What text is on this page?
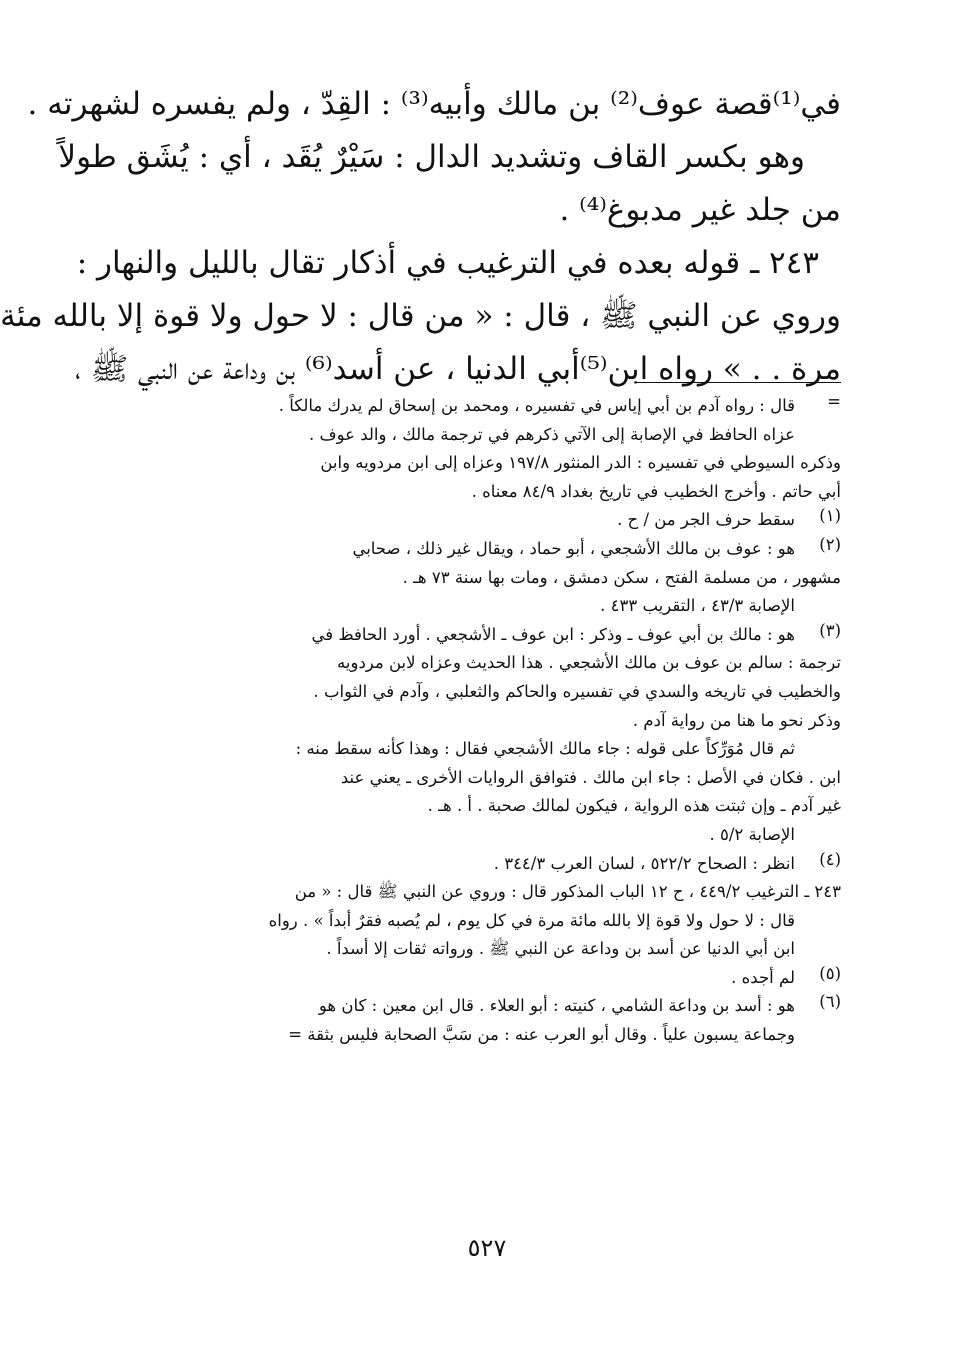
في⁽¹⁾قصة عوف⁽²⁾ بن مالك وأبيه⁽³⁾ : القِدّ ، ولم يفسره لشهرته .
وهو بكسر القاف وتشديد الدال : سَيْرٌ يُقَد ، أي : يُشَق طولاً
من جلد غير مدبوغ⁽⁴⁾ .
٢٤٣ ـ قوله بعده في الترغيب في أذكار تقال بالليل والنهار :
وروي عن النبي ﷺ ، قال : « من قال : لا حول ولا قوة إلا بالله مئة
مرة . . » رواه ابن⁽⁵⁾أبي الدنيا ، عن أسد⁽⁶⁾ بن وداعة عن النبي ﷺ ،
=
قال : رواه آدم بن أبي إياس في تفسيره ، ومحمد بن إسحاق لم يدرك مالكاً .
عزاه الحافظ في الإصابة إلى الآتي ذكرهم في ترجمة مالك ، والد عوف .
وذكره السيوطي في تفسيره : الدر المنثور ١٩٧/٨ وعزاه إلى ابن مردويه وابن
أبي حاتم . وأخرج الخطيب في تاريخ بغداد ٨٤/٩ معناه .
(١)
سقط حرف الجر من / ح .
(٢)
هو : عوف بن مالك الأشجعي ، أبو حماد ، ويقال غير ذلك ، صحابي
مشهور ، من مسلمة الفتح ، سكن دمشق ، ومات بها سنة ٧٣ هـ .
الإصابة ٤٣/٣ ، التقريب ٤٣٣ .
(٣)
هو : مالك بن أبي عوف ـ وذكر : ابن عوف ـ الأشجعي . أورد الحافظ في
ترجمة : سالم بن عوف بن مالك الأشجعي . هذا الحديث وعزاه لابن مردويه
والخطيب في تاريخه والسدي في تفسيره والحاكم والثعلبي ، وآدم في الثواب .
وذكر نحو ما هنا من رواية آدم .
ثم قال مُوَرِّكاً على قوله : جاء مالك الأشجعي فقال : وهذا كأنه سقط منه :
ابن . فكان في الأصل : جاء ابن مالك . فتوافق الروايات الأخرى ـ يعني عند
غير آدم ـ وإن ثبتت هذه الرواية ، فيكون لمالك صحبة . أ . هـ .
الإصابة ٥/٢ .
(٤)
انظر : الصحاح ٥٢٢/٢ ، لسان العرب ٣٤٤/٣ .
٢٤٣ ـ الترغيب ٤٤٩/٢ ، ح ١٢ الباب المذكور قال : وروي عن النبي ﷺ قال : « من
قال : لا حول ولا قوة إلا بالله مائة مرة في كل يوم ، لم يُصبه فقرٌ أبداً » . رواه
ابن أبي الدنيا عن أسد بن وداعة عن النبي ﷺ . ورواته ثقات إلا أسداً .
(٥)
لم أجده .
(٦)
هو : أسد بن وداعة الشامي ، كنيته : أبو العلاء . قال ابن معين : كان هو
وجماعة يسبون علياً . وقال أبو العرب عنه : من سَبَّ الصحابة فليس بثقة =
٥٢٧
